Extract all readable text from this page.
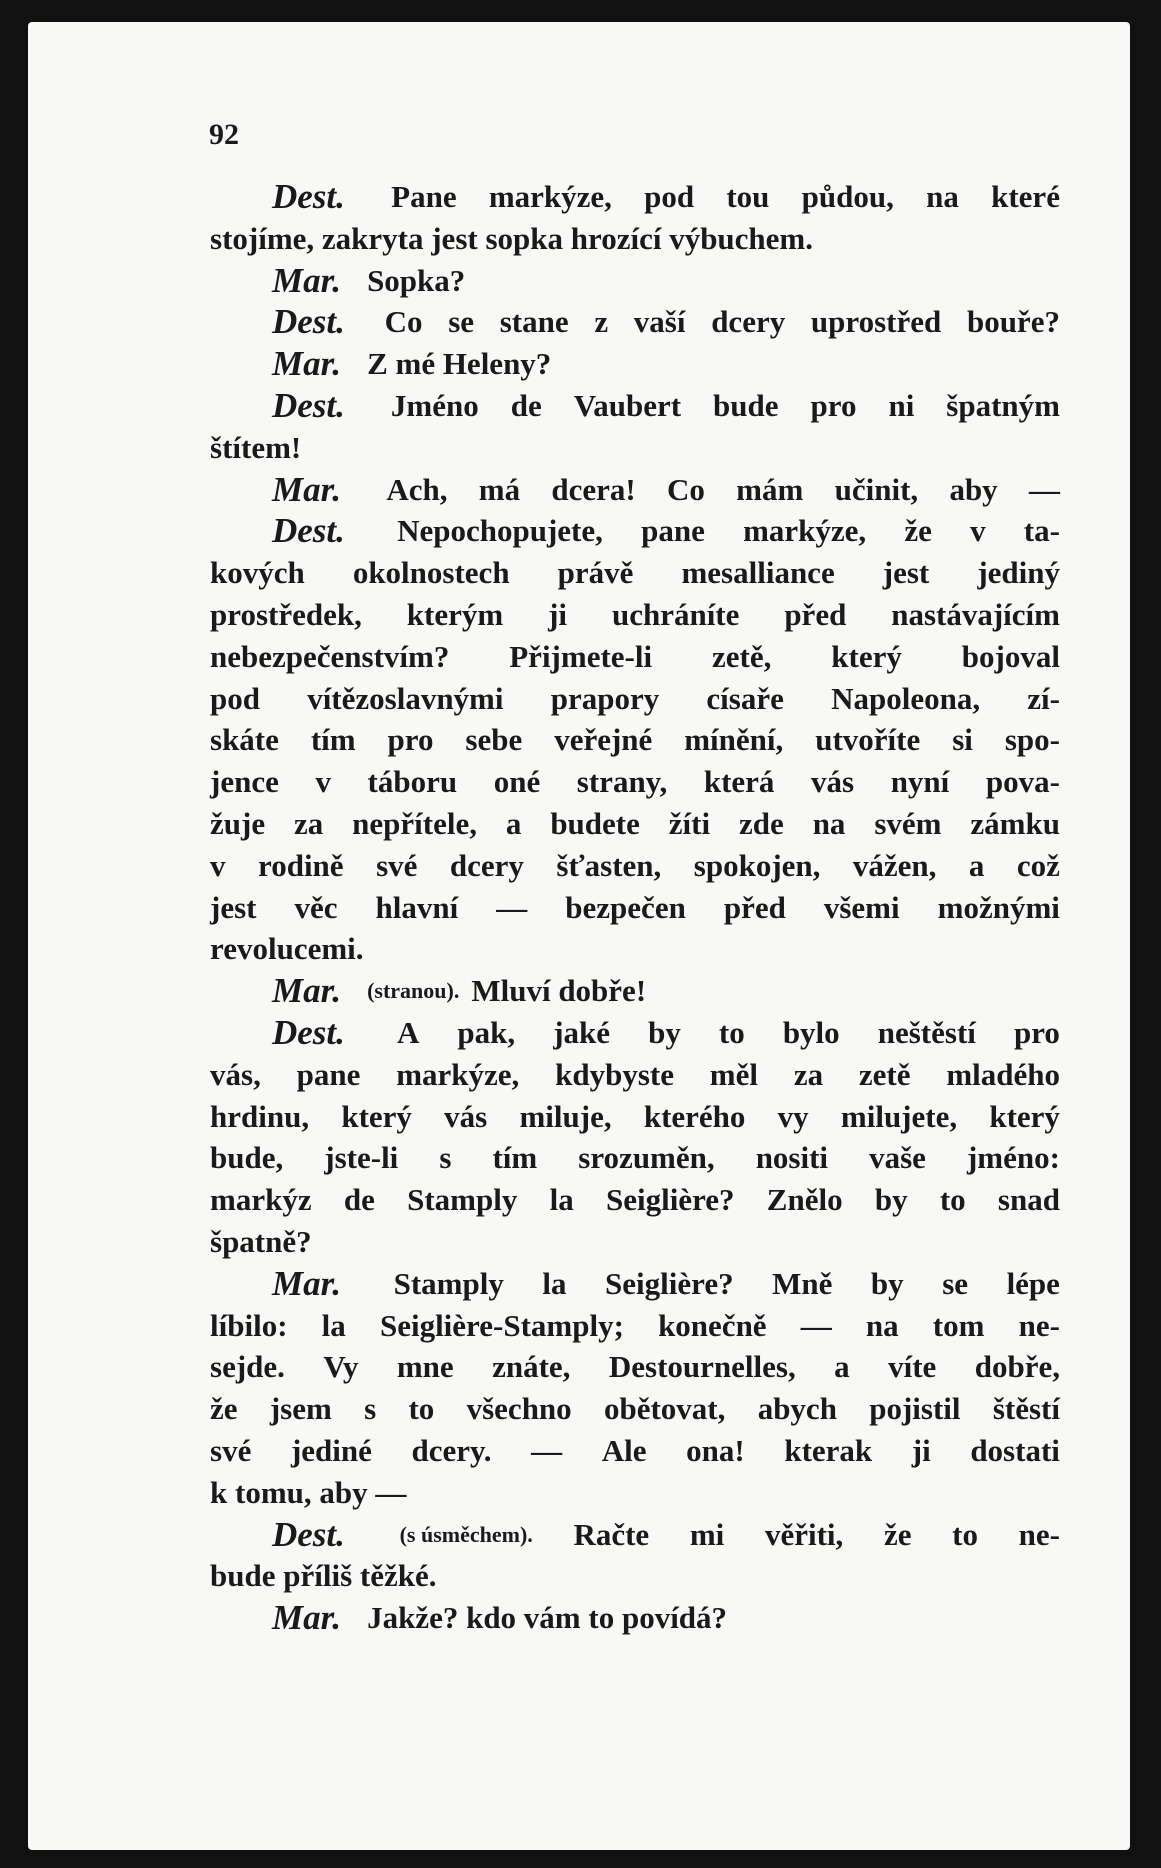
92
Dest. Pane markýze, pod tou půdou, na které
stojíme, zakryta jest sopka hrozící výbuchem.
Mar. Sopka?
Dest. Co se stane z vaší dcery uprostřed bouře?
Mar. Z mé Heleny?
Dest. Jméno de Vaubert bude pro ni špatným
štítem!
Mar. Ach, má dcera! Co mám učinit, aby —
Dest. Nepochopujete, pane markýze, že v ta-
kových okolnostech právě mesalliance jest jediný
prostředek, kterým ji uchráníte před nastávajícím
nebezpečenstvím? Přijmete-li zetě, který bojoval
pod vítězoslavnými prapory císaře Napoleona, zí-
skáte tím pro sebe veřejné mínění, utvoříte si spo-
jence v táboru oné strany, která vás nyní pova-
žuje za nepřítele, a budete žíti zde na svém zámku
v rodině své dcery šťasten, spokojen, vážen, a což
jest věc hlavní — bezpečen před všemi možnými
revolucemi.
Mar. (stranou). Mluví dobře!
Dest. A pak, jaké by to bylo neštěstí pro
vás, pane markýze, kdybyste měl za zetě mladého
hrdinu, který vás miluje, kterého vy milujete, který
bude, jste-li s tím srozuměn, nositi vaše jméno:
markýz de Stamply la Seiglière? Znělo by to snad
špatně?
Mar. Stamply la Seiglière? Mně by se lépe
líbilo: la Seiglière-Stamply; konečně — na tom ne-
sejde. Vy mne znáte, Destournelles, a víte dobře,
že jsem s to všechno obětovat, abych pojistil štěstí
své jediné dcery. — Ale ona! kterak ji dostati
k tomu, aby —
Dest. (s úsměchem). Račte mi věřiti, že to ne-
bude příliš těžké.
Mar. Jakže? kdo vám to povídá?
